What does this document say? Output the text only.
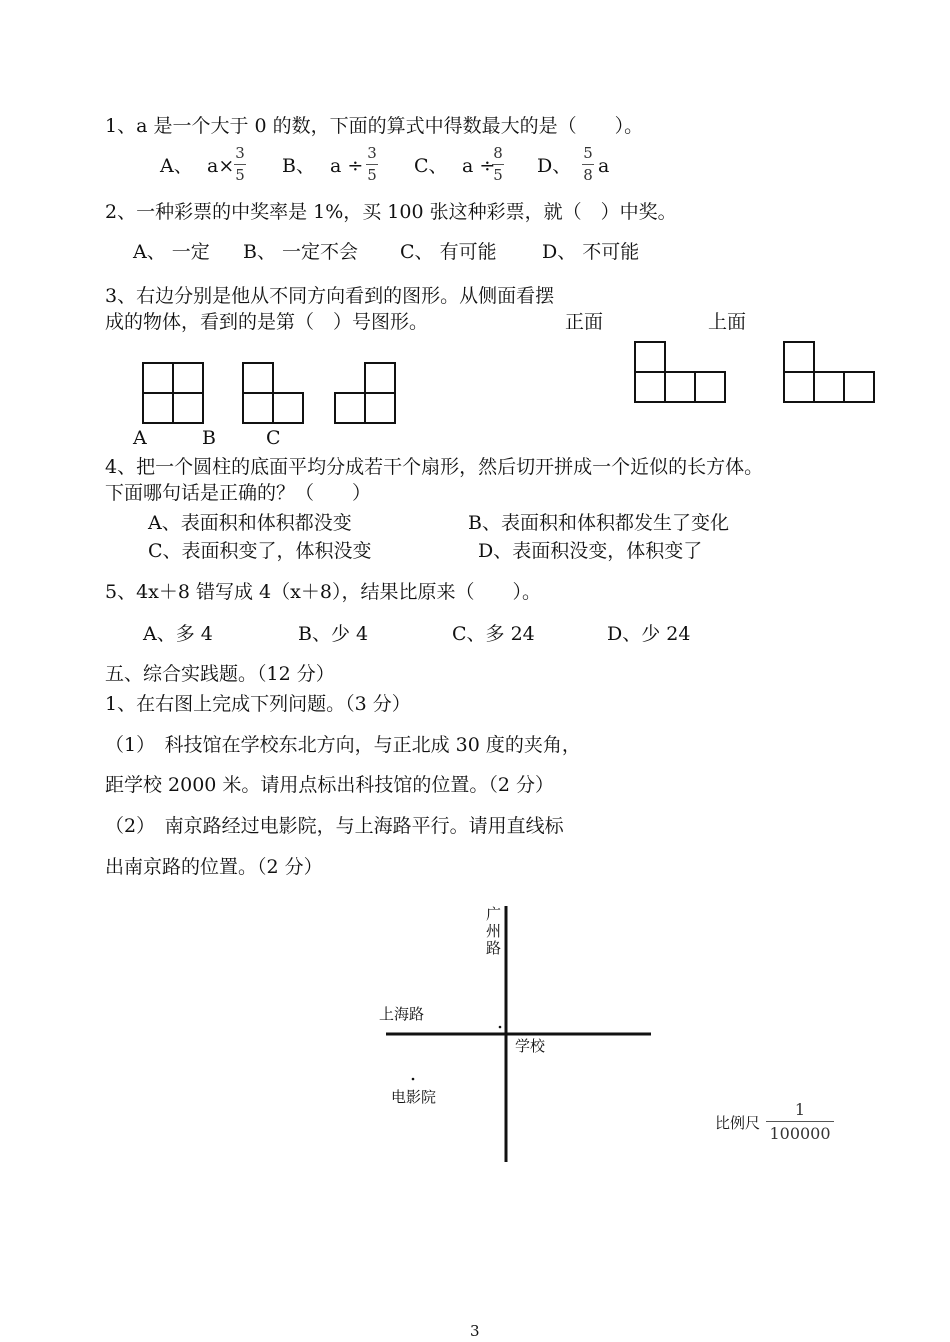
1、a 是一个大于 0 的数，下面的算式中得数最大的是（　　）。
A、 a×
3
5 B、 a ÷
3
5 C、 a ÷
8
5 D、
5
8 a
2、一种彩票的中奖率是 1%，买 100 张这种彩票，就（　）中奖。
A、 一定 B、 一定不会 C、 有可能 D、 不可能
3、右边分别是他从不同方向看到的图形。从侧面看摆
成的物体，看到的是第（　）号图形。	正面	上面
A	B	C
4、把一个圆柱的底面平均分成若干个扇形，然后切开拼成一个近似的长方体。
下面哪句话是正确的？（　　）
A、表面积和体积都没变	B、表面积和体积都发生了变化
C、表面积变了，体积没变	D、表面积没变，体积变了
5、4x＋8 错写成 4（x＋8），结果比原来（　　）。
A、多 4	B、少 4	C、多 24	D、少 24
五、综合实践题。（12 分）
1、在右图上完成下列问题。（3 分）
（1）　科技馆在学校东北方向，与正北成 30 度的夹角，
距学校 2000 米。请用点标出科技馆的位置。（2 分）
（2）　南京路经过电影院，与上海路平行。请用直线标
出南京路的位置。（2 分）
广
州
路
上海路
学校
电影院
比例尺
1
100000
3
